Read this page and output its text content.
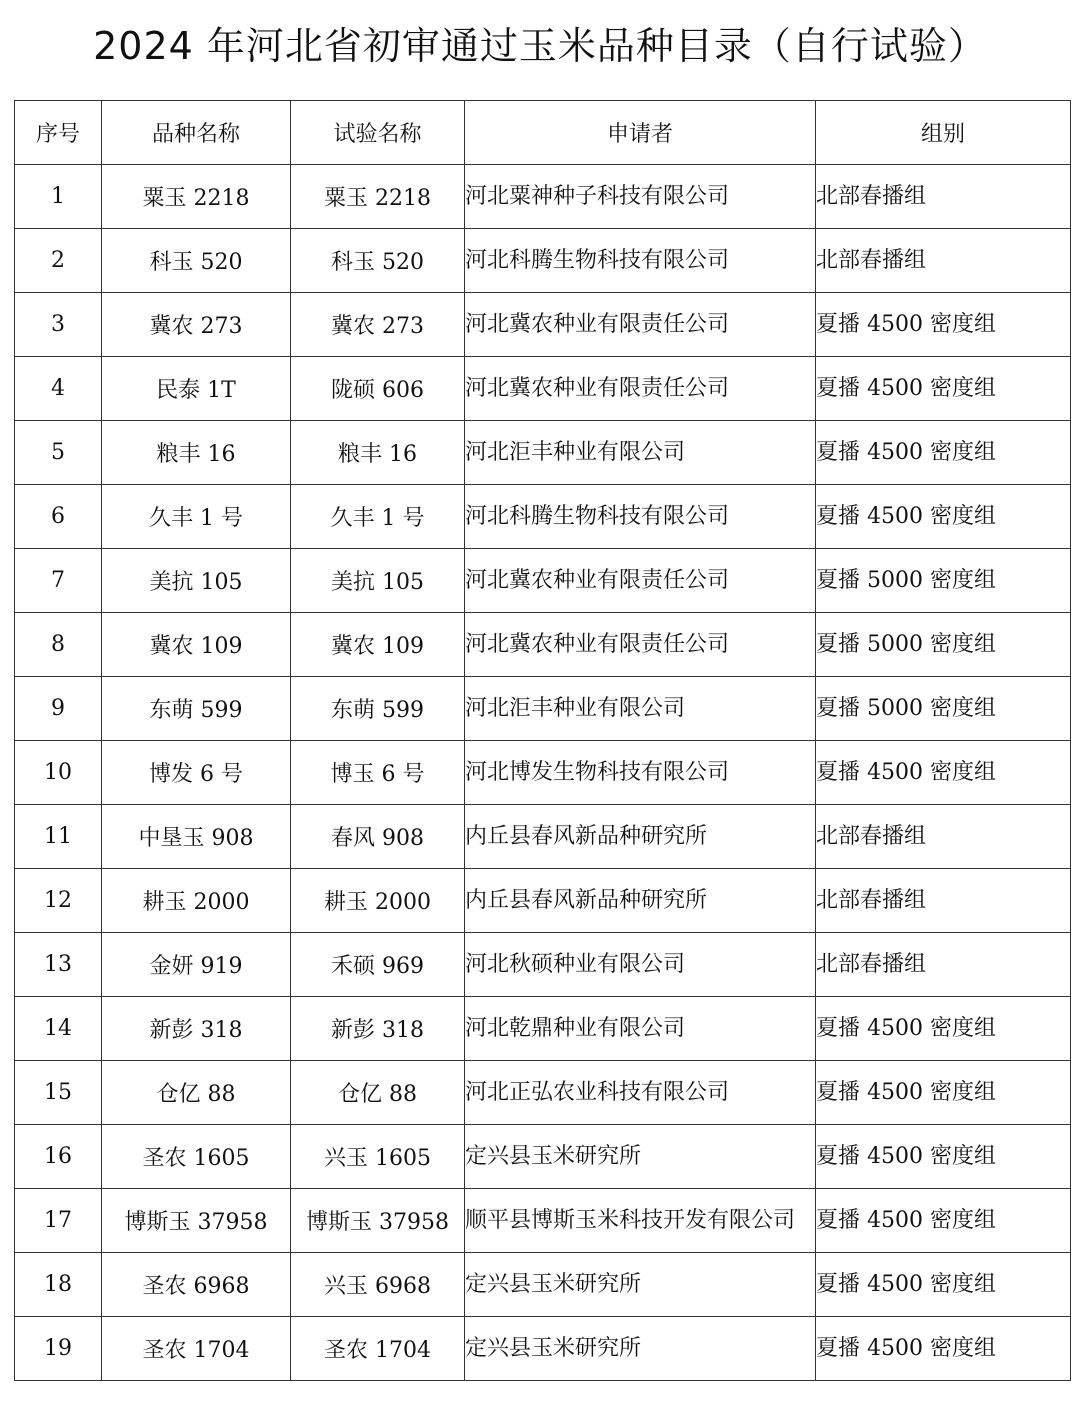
2024 年河北省初审通过玉米品种目录（自行试验）
序号	品种名称	试验名称	申请者	组别
1	粟玉 2218	粟玉 2218	河北粟神种子科技有限公司	北部春播组
2	科玉 520	科玉 520	河北科腾生物科技有限公司	北部春播组
3	冀农 273	冀农 273	河北冀农种业有限责任公司	夏播 4500 密度组
4	民泰 1T	陇硕 606	河北冀农种业有限责任公司	夏播 4500 密度组
5	粮丰 16	粮丰 16	河北洰丰种业有限公司	夏播 4500 密度组
6	久丰 1 号	久丰 1 号	河北科腾生物科技有限公司	夏播 4500 密度组
7	美抗 105	美抗 105	河北冀农种业有限责任公司	夏播 5000 密度组
8	冀农 109	冀农 109	河北冀农种业有限责任公司	夏播 5000 密度组
9	东萌 599	东萌 599	河北洰丰种业有限公司	夏播 5000 密度组
10	博发 6 号	博玉 6 号	河北博发生物科技有限公司	夏播 4500 密度组
11	中垦玉 908	春风 908	内丘县春风新品种研究所	北部春播组
12	耕玉 2000	耕玉 2000	内丘县春风新品种研究所	北部春播组
13	金妍 919	禾硕 969	河北秋硕种业有限公司	北部春播组
14	新彭 318	新彭 318	河北乾鼎种业有限公司	夏播 4500 密度组
15	仓亿 88	仓亿 88	河北正弘农业科技有限公司	夏播 4500 密度组
16	圣农 1605	兴玉 1605	定兴县玉米研究所	夏播 4500 密度组
17	博斯玉 37958	博斯玉 37958	顺平县博斯玉米科技开发有限公司	夏播 4500 密度组
18	圣农 6968	兴玉 6968	定兴县玉米研究所	夏播 4500 密度组
19	圣农 1704	圣农 1704	定兴县玉米研究所	夏播 4500 密度组
